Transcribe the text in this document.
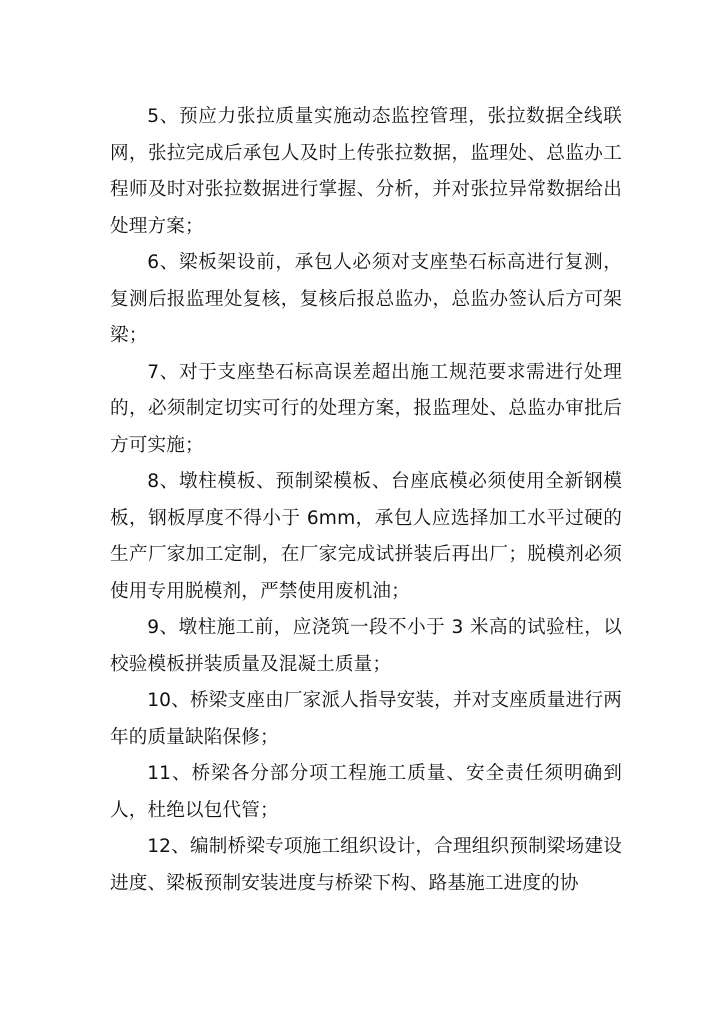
5、预应力张拉质量实施动态监控管理，张拉数据全线联网，张拉完成后承包人及时上传张拉数据，监理处、总监办工程师及时对张拉数据进行掌握、分析，并对张拉异常数据给出处理方案；

6、梁板架设前，承包人必须对支座垫石标高进行复测，复测后报监理处复核，复核后报总监办，总监办签认后方可架梁；

7、对于支座垫石标高误差超出施工规范要求需进行处理的，必须制定切实可行的处理方案，报监理处、总监办审批后方可实施；

8、墩柱模板、预制梁模板、台座底模必须使用全新钢模板，钢板厚度不得小于 6mm，承包人应选择加工水平过硬的生产厂家加工定制，在厂家完成试拼装后再出厂；脱模剂必须使用专用脱模剂，严禁使用废机油；

9、墩柱施工前，应浇筑一段不小于 3 米高的试验柱，以校验模板拼装质量及混凝土质量；

10、桥梁支座由厂家派人指导安装，并对支座质量进行两年的质量缺陷保修；

11、桥梁各分部分项工程施工质量、安全责任须明确到人，杜绝以包代管；

12、编制桥梁专项施工组织设计，合理组织预制梁场建设进度、梁板预制安装进度与桥梁下构、路基施工进度的协
